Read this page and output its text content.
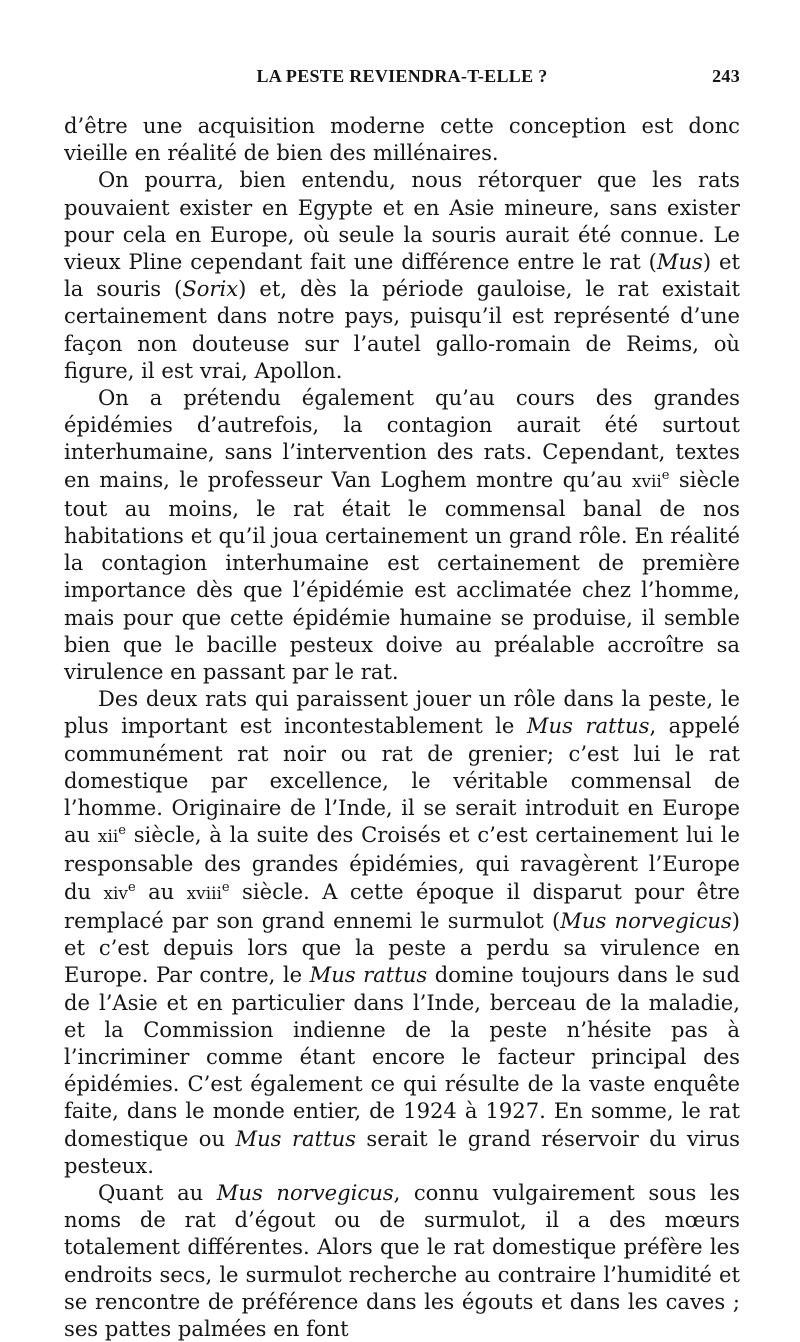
LA PESTE REVIENDRA-T-ELLE ?	243

d’être une acquisition moderne cette conception est donc vieille en réalité de bien des millénaires.

On pourra, bien entendu, nous rétorquer que les rats pouvaient exister en Egypte et en Asie mineure, sans exister pour cela en Europe, où seule la souris aurait été connue. Le vieux Pline cependant fait une différence entre le rat (Mus) et la souris (Sorix) et, dès la période gauloise, le rat existait certainement dans notre pays, puisqu’il est représenté d’une façon non douteuse sur l’autel gallo-romain de Reims, où figure, il est vrai, Apollon.

On a prétendu également qu’au cours des grandes épidémies d’autrefois, la contagion aurait été surtout interhumaine, sans l’intervention des rats. Cependant, textes en mains, le professeur Van Loghem montre qu’au xvii$^e$ siècle tout au moins, le rat était le commensal banal de nos habitations et qu’il joua certainement un grand rôle. En réalité la contagion interhumaine est certainement de première importance dès que l’épidémie est acclimatée chez l’homme, mais pour que cette épidémie humaine se produise, il semble bien que le bacille pesteux doive au préalable accroître sa virulence en passant par le rat.

Des deux rats qui paraissent jouer un rôle dans la peste, le plus important est incontestablement le Mus rattus, appelé communément rat noir ou rat de grenier; c’est lui le rat domestique par excellence, le véritable commensal de l’homme. Originaire de l’Inde, il se serait introduit en Europe au xii$^e$ siècle, à la suite des Croisés et c’est certainement lui le responsable des grandes épidémies, qui ravagèrent l’Europe du xiv$^e$ au xviii$^e$ siècle. A cette époque il disparut pour être remplacé par son grand ennemi le surmulot (Mus norvegicus) et c’est depuis lors que la peste a perdu sa virulence en Europe. Par contre, le Mus rattus domine toujours dans le sud de l’Asie et en particulier dans l’Inde, berceau de la maladie, et la Commission indienne de la peste n’hésite pas à l’incriminer comme étant encore le facteur principal des épidémies. C’est également ce qui résulte de la vaste enquête faite, dans le monde entier, de 1924 à 1927. En somme, le rat domestique ou Mus rattus serait le grand réservoir du virus pesteux.

Quant au Mus norvegicus, connu vulgairement sous les noms de rat d’égout ou de surmulot, il a des mœurs totalement différentes. Alors que le rat domestique préfère les endroits secs, le surmulot recherche au contraire l’humidité et se rencontre de préférence dans les égouts et dans les caves ; ses pattes palmées en font
